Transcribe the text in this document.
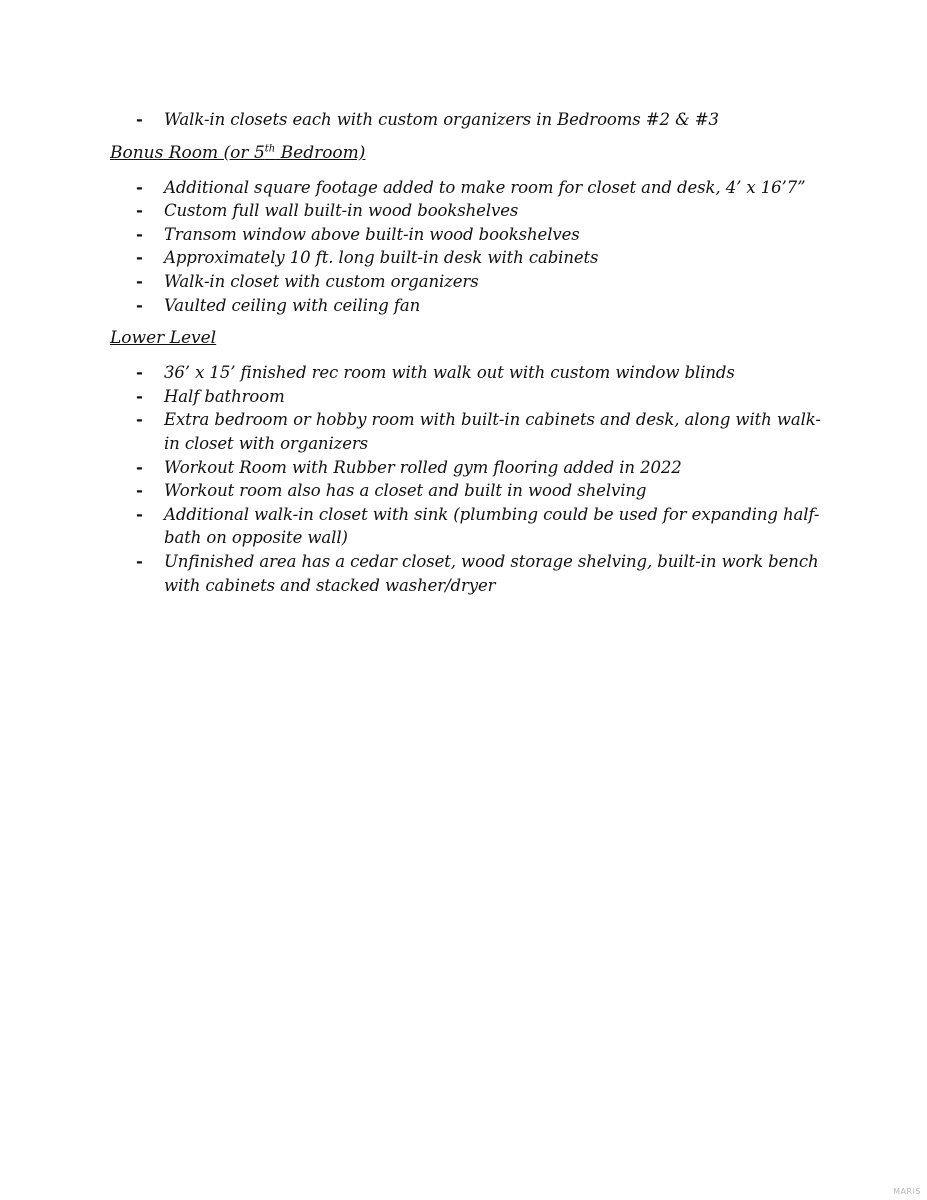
- Walk-in closets each with custom organizers in Bedrooms #2 & #3
Bonus Room (or 5th Bedroom)
- Additional square footage added to make room for closet and desk, 4’ x 16’7”
- Custom full wall built-in wood bookshelves
- Transom window above built-in wood bookshelves
- Approximately 10 ft. long built-in desk with cabinets
- Walk-in closet with custom organizers
- Vaulted ceiling with ceiling fan
Lower Level
- 36’ x 15’ finished rec room with walk out with custom window blinds
- Half bathroom
- Extra bedroom or hobby room with built-in cabinets and desk, along with walk-in closet with organizers
- Workout Room with Rubber rolled gym flooring added in 2022
- Workout room also has a closet and built in wood shelving
- Additional walk-in closet with sink (plumbing could be used for expanding half-bath on opposite wall)
- Unfinished area has a cedar closet, wood storage shelving, built-in work bench with cabinets and stacked washer/dryer
MARIS
